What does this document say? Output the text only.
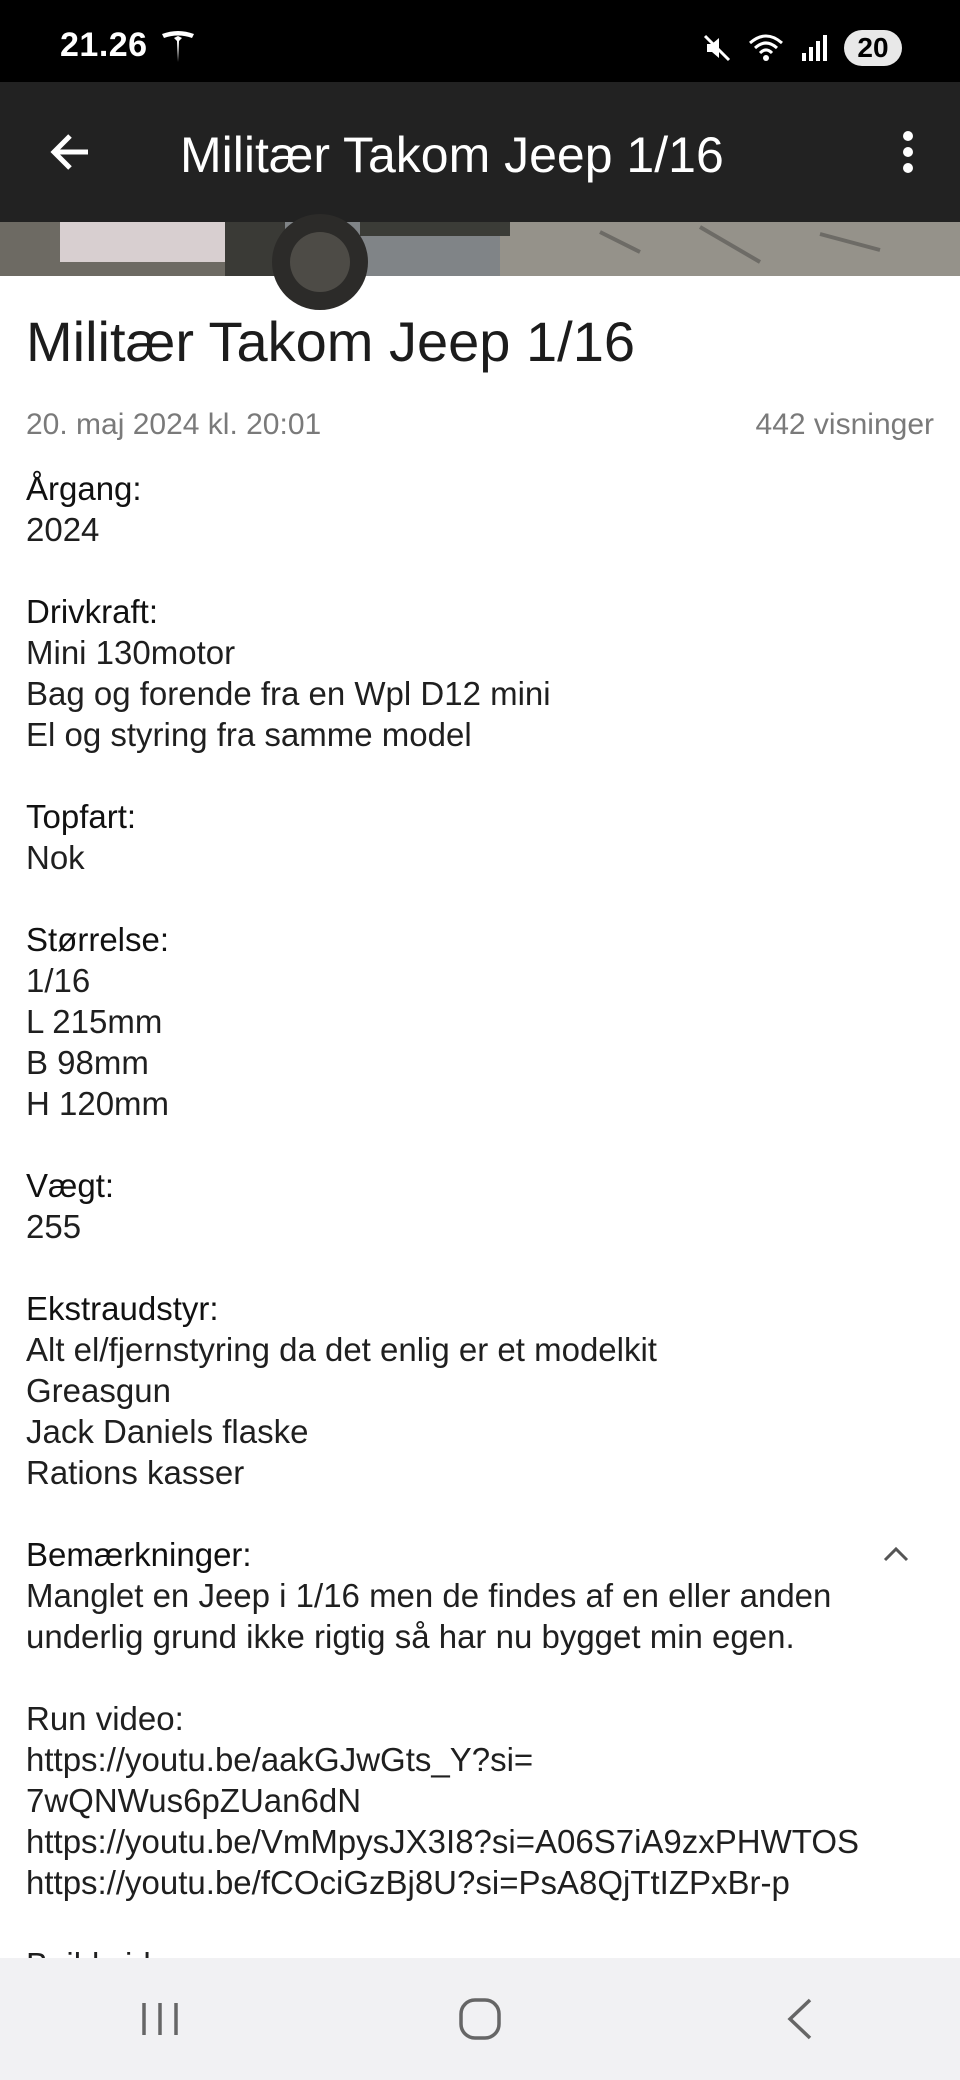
21.26	20
Militær Takom Jeep 1/16
Militær Takom Jeep 1/16
20. maj 2024 kl. 20:01	442 visninger
Årgang:
2024
Drivkraft:
Mini 130motor
Bag og forende fra en Wpl D12 mini
El og styring fra samme model
Topfart:
Nok
Størrelse:
1/16
L 215mm
B 98mm
H 120mm
Vægt:
255
Ekstraudstyr:
Alt el/fjernstyring da det enlig er et modelkit
Greasgun
Jack Daniels flaske
Rations kasser
Bemærkninger:
Manglet en Jeep i 1/16 men de findes af en eller anden
underlig grund ikke rigtig så har nu bygget min egen.
Run video:
https://youtu.be/aakGJwGts_Y?si=
7wQNWus6pZUan6dN
https://youtu.be/VmMpysJX3I8?si=A06S7iA9zxPHWTOS
https://youtu.be/fCOciGzBj8U?si=PsA8QjTtIZPxBr-p
